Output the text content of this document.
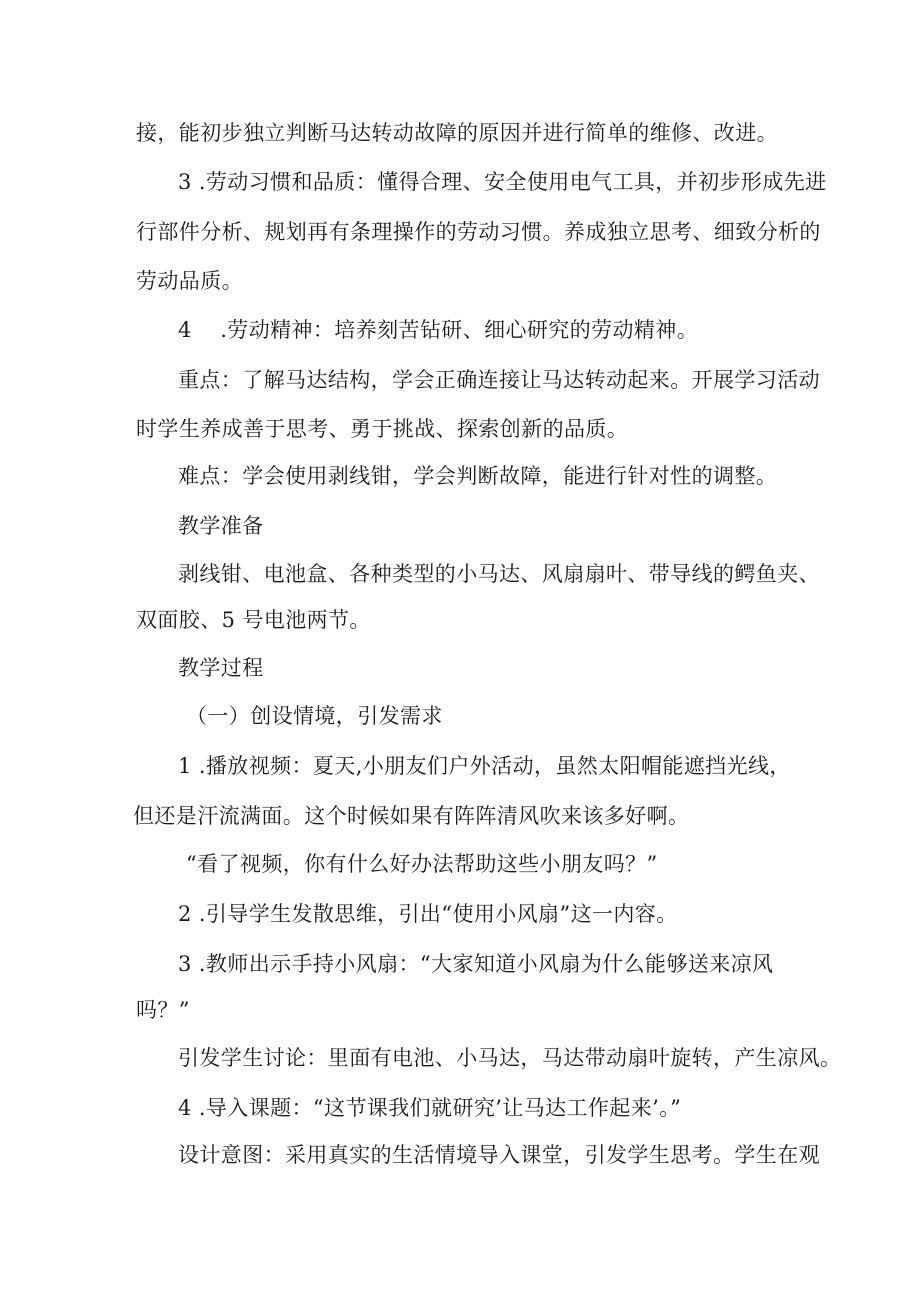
接，能初步独立判断马达转动故障的原因并进行简单的维修、改进。
3 .劳动习惯和品质：懂得合理、安全使用电气工具，并初步形成先进
行部件分析、规划再有条理操作的劳动习惯。养成独立思考、细致分析的
劳动品质。
4　 .劳动精神：培养刻苦钻研、细心研究的劳动精神。
重点：了解马达结构，学会正确连接让马达转动起来。开展学习活动
时学生养成善于思考、勇于挑战、探索创新的品质。
难点：学会使用剥线钳，学会判断故障，能进行针对性的调整。
教学准备
剥线钳、电池盒、各种类型的小马达、风扇扇叶、带导线的鳄鱼夹、
双面胶、5 号电池两节。
教学过程
（一）创设情境，引发需求
1 .播放视频：夏天,小朋友们户外活动，虽然太阳帽能遮挡光线，
但还是汗流满面。这个时候如果有阵阵清风吹来该多好啊。
“看了视频，你有什么好办法帮助这些小朋友吗？”
2 .引导学生发散思维，引出“使用小风扇”这一内容。
3 .教师出示手持小风扇：“大家知道小风扇为什么能够送来凉风
吗？”
引发学生讨论：里面有电池、小马达，马达带动扇叶旋转，产生凉风。
4 .导入课题：“这节课我们就研究’让马达工作起来’。”
设计意图：采用真实的生活情境导入课堂，引发学生思考。学生在观
